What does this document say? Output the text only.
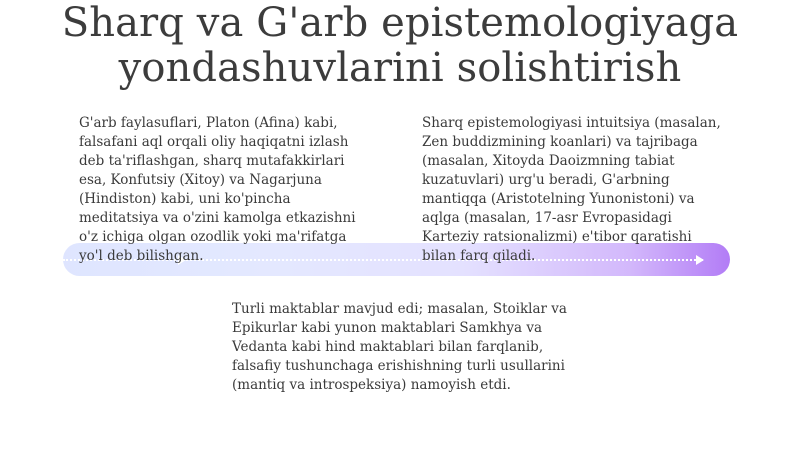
Sharq va G'arb epistemologiyaga
yondashuvlarini solishtirish
G'arb faylasuflari, Platon (Afina) kabi,
falsafani aql orqali oliy haqiqatni izlash
deb ta'riflashgan, sharq mutafakkirlari
esa, Konfutsiy (Xitoy) va Nagarjuna
(Hindiston) kabi, uni ko'pincha
meditatsiya va o'zini kamolga etkazishni
o'z ichiga olgan ozodlik yoki ma'rifatga
yo'l deb bilishgan.
Sharq epistemologiyasi intuitsiya (masalan,
Zen buddizmining koanlari) va tajribaga
(masalan, Xitoyda Daoizmning tabiat
kuzatuvlari) urg'u beradi, G'arbning
mantiqqa (Aristotelning Yunonistoni) va
aqlga (masalan, 17-asr Evropasidagi
Karteziy ratsionalizmi) e'tibor qaratishi
bilan farq qiladi.
Turli maktablar mavjud edi; masalan, Stoiklar va
Epikurlar kabi yunon maktablari Samkhya va
Vedanta kabi hind maktablari bilan farqlanib,
falsafiy tushunchaga erishishning turli usullarini
(mantiq va introspeksiya) namoyish etdi.
